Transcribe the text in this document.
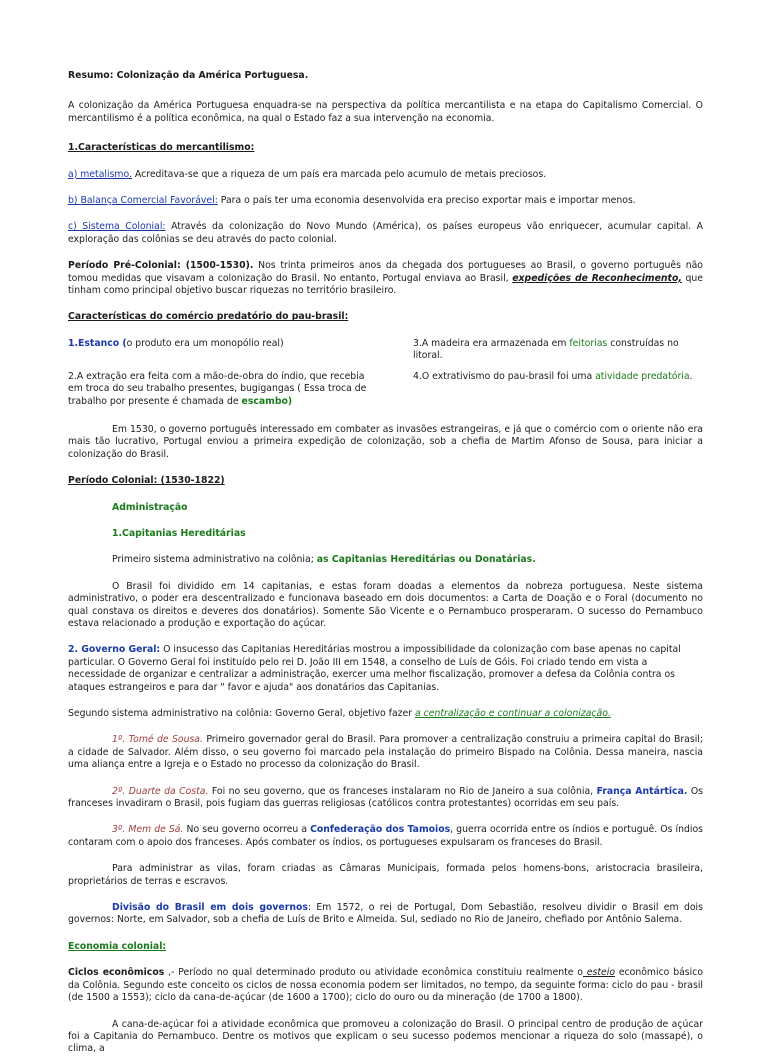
Resumo: Colonização da América Portuguesa.

A colonização da América Portuguesa enquadra-se na perspectiva da política mercantilista e na etapa do Capitalismo Comercial. O mercantilismo é a política econômica, na qual o Estado faz a sua intervenção na economia.

1.Características do mercantilismo:

a) metalismo. Acreditava-se que a riqueza de um país era marcada pelo acumulo de metais preciosos.

b) Balança Comercial Favorável: Para o país ter uma economia desenvolvida era preciso exportar mais e importar menos.

c) Sistema Colonial: Através da colonização do Novo Mundo (América), os países europeus vão enriquecer, acumular capital. A exploração das colônias se deu através do pacto colonial.

Período Pré-Colonial: (1500-1530). Nos trinta primeiros anos da chegada dos portugueses ao Brasil, o governo português não tomou medidas que visavam a colonização do Brasil. No entanto, Portugal enviava ao Brasil, expedições de Reconhecimento, que tinham como principal objetivo buscar riquezas no território brasileiro.

Características do comércio predatório do pau-brasil:

1.Estanco (o produto era um monopólio real)	3.A madeira era armazenada em feitorias construídas no litoral.

2.A extração era feita com a mão-de-obra do índio, que recebia em troca do seu trabalho presentes, bugigangas ( Essa troca de trabalho por presente é chamada de escambo)

4.O extrativismo do pau-brasil foi uma atividade predatória.

Em 1530, o governo português interessado em combater as invasões estrangeiras, e já que o comércio com o oriente não era mais tão lucrativo, Portugal enviou a primeira expedição de colonização, sob a chefia de Martim Afonso de Sousa, para iniciar a colonização do Brasil.

Período Colonial: (1530-1822)

Administração

1.Capitanias Hereditárias

Primeiro sistema administrativo na colônia; as Capitanias Hereditárias ou Donatárias.

O Brasil foi dividido em 14 capitanias, e estas foram doadas a elementos da nobreza portuguesa. Neste sistema administrativo, o poder era descentralizado e funcionava baseado em dois documentos: a Carta de Doação e o Foral (documento no qual constava os direitos e deveres dos donatários). Somente São Vicente e o Pernambuco prosperaram. O sucesso do Pernambuco estava relacionado a produção e exportação do açúcar.

2. Governo Geral: O insucesso das Capitanias Hereditárias mostrou a impossibilidade da colonização com base apenas no capital particular. O Governo Geral foi instituído pelo rei D. João III em 1548, a conselho de Luís de Góis. Foi criado tendo em vista a necessidade de organizar e centralizar a administração, exercer uma melhor fiscalização, promover a defesa da Colônia contra os ataques estrangeiros e para dar " favor e ajuda" aos donatários das Capitanias.

Segundo sistema administrativo na colônia: Governo Geral, objetivo fazer a centralização e continuar a colonização.

1º. Tomé de Sousa. Primeiro governador geral do Brasil. Para promover a centralização construiu a primeira capital do Brasil; a cidade de Salvador. Além disso, o seu governo foi marcado pela instalação do primeiro Bispado na Colônia. Dessa maneira, nascia uma aliança entre a Igreja e o Estado no processo da colonização do Brasil.

2º. Duarte da Costa. Foi no seu governo, que os franceses instalaram no Rio de Janeiro a sua colônia, França Antártica. Os franceses invadiram o Brasil, pois fugiam das guerras religiosas (católicos contra protestantes) ocorridas em seu país.

3º. Mem de Sá. No seu governo ocorreu a Confederação dos Tamoios, guerra ocorrida entre os índios e portuguê. Os índios contaram com o apoio dos franceses. Após combater os índios, os portugueses expulsaram os franceses do Brasil.

Para administrar as vilas, foram criadas as Câmaras Municipais, formada pelos homens-bons, aristocracia brasileira, proprietários de terras e escravos.

Divisão do Brasil em dois governos: Em 1572, o rei de Portugal, Dom Sebastião, resolveu dividir o Brasil em dois governos: Norte, em Salvador, sob a chefia de Luís de Brito e Almeida. Sul, sediado no Rio de Janeiro, chefiado por Antônio Salema.

Economia colonial:

Ciclos econômicos ,- Período no qual determinado produto ou atividade econômica constituiu realmente o esteio econômico básico da Colônia. Segundo este conceito os ciclos de nossa economia podem ser limitados, no tempo, da seguinte forma: ciclo do pau - brasil (de 1500 a 1553); ciclo da cana-de-açúcar (de 1600 a 1700); ciclo do ouro ou da mineração (de 1700 a 1800).

A cana-de-açúcar foi a atividade econômica que promoveu a colonização do Brasil. O principal centro de produção de açúcar foi a Capitania do Pernambuco. Dentre os motivos que explicam o seu sucesso podemos mencionar a riqueza do solo (massapé), o clima, a
